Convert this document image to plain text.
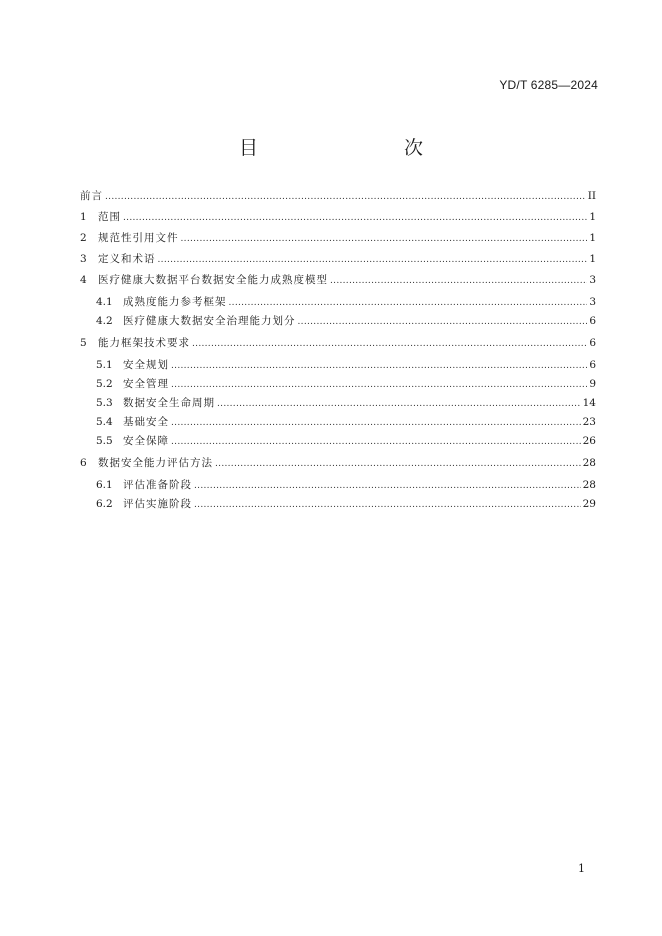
YD/T 6285—2024
目　　次
前言 .....	II
1	范围 .....	1
2	规范性引用文件 .....	1
3	定义和术语 .....	1
4	医疗健康大数据平台数据安全能力成熟度模型 .....	3
4.1 成熟度能力参考框架 .....	3
4.2 医疗健康大数据安全治理能力划分 .....	6
5	能力框架技术要求 .....	6
5.1 安全规划 .....	6
5.2 安全管理 .....	9
5.3 数据安全生命周期 .....	14
5.4 基础安全 .....	23
5.5 安全保障 .....	26
6	数据安全能力评估方法 .....	28
6.1 评估准备阶段 .....	28
6.2 评估实施阶段 .....	29
1
